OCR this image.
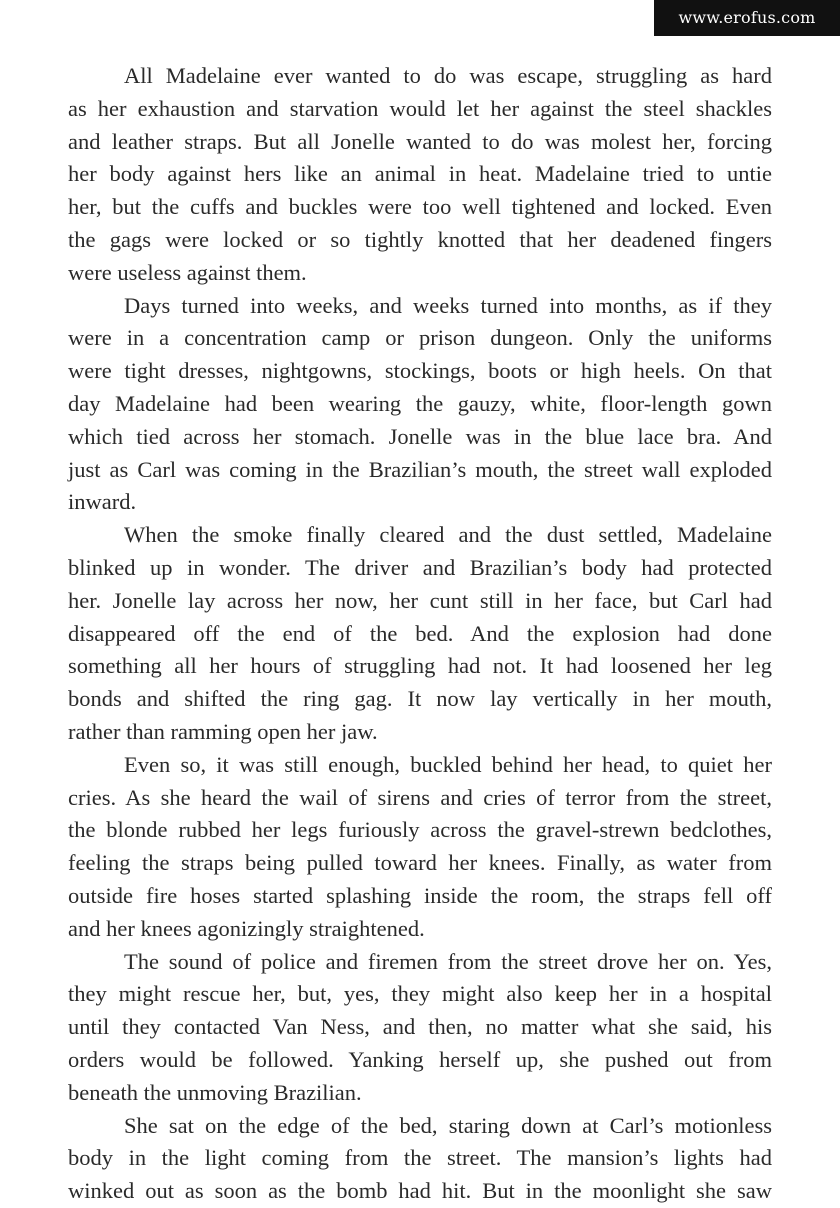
www.erofus.com

All Madelaine ever wanted to do was escape, struggling as hard
as her exhaustion and starvation would let her against the steel shackles
and leather straps. But all Jonelle wanted to do was molest her, forcing
her body against hers like an animal in heat. Madelaine tried to untie
her, but the cuffs and buckles were too well tightened and locked. Even
the gags were locked or so tightly knotted that her deadened fingers
were useless against them.

Days turned into weeks, and weeks turned into months, as if they
were in a concentration camp or prison dungeon. Only the uniforms
were tight dresses, nightgowns, stockings, boots or high heels. On that
day Madelaine had been wearing the gauzy, white, floor-length gown
which tied across her stomach. Jonelle was in the blue lace bra. And
just as Carl was coming in the Brazilian’s mouth, the street wall exploded
inward.

When the smoke finally cleared and the dust settled, Madelaine
blinked up in wonder. The driver and Brazilian’s body had protected
her. Jonelle lay across her now, her cunt still in her face, but Carl had
disappeared off the end of the bed. And the explosion had done
something all her hours of struggling had not. It had loosened her leg
bonds and shifted the ring gag. It now lay vertically in her mouth,
rather than ramming open her jaw.

Even so, it was still enough, buckled behind her head, to quiet her
cries. As she heard the wail of sirens and cries of terror from the street,
the blonde rubbed her legs furiously across the gravel-strewn bedclothes,
feeling the straps being pulled toward her knees. Finally, as water from
outside fire hoses started splashing inside the room, the straps fell off
and her knees agonizingly straightened.

The sound of police and firemen from the street drove her on. Yes,
they might rescue her, but, yes, they might also keep her in a hospital
until they contacted Van Ness, and then, no matter what she said, his
orders would be followed. Yanking herself up, she pushed out from
beneath the unmoving Brazilian.

She sat on the edge of the bed, staring down at Carl’s motionless
body in the light coming from the street. The mansion’s lights had
winked out as soon as the bomb had hit. But in the moonlight she saw
